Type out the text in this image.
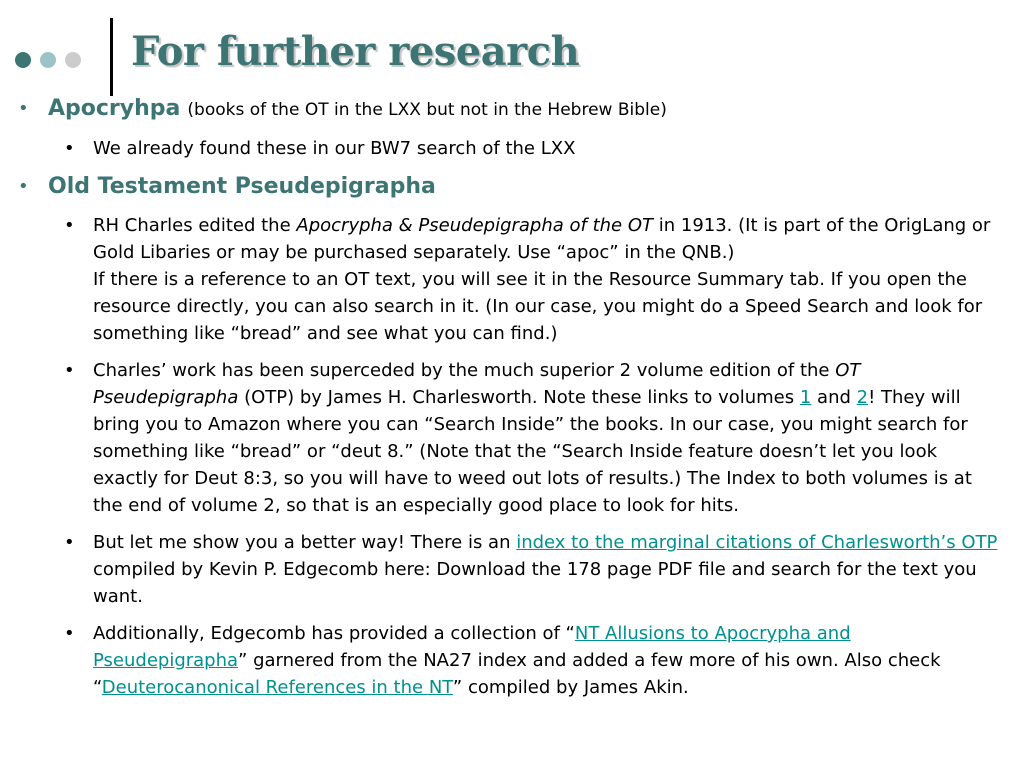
For further research
• Apocryhpa (books of the OT in the LXX but not in the Hebrew Bible)
• We already found these in our BW7 search of the LXX

• Old Testament Pseudepigrapha
• RH Charles edited the Apocrypha & Pseudepigrapha of the OT in 1913. (It is part of the OrigLang or Gold Libaries or may be purchased separately. Use “apoc” in the QNB.)

If there is a reference to an OT text, you will see it in the Resource Summary tab. If you open the resource directly, you can also search in it. (In our case, you might do a Speed Search and look for something like “bread” and see what you can find.)

• Charles’ work has been superceded by the much superior 2 volume edition of the OT Pseudepigrapha (OTP) by James H. Charlesworth. Note these links to volumes 1 and 2! They will bring you to Amazon where you can “Search Inside” the books. In our case, you might search for something like “bread” or “deut 8.” (Note that the “Search Inside feature doesn’t let you look exactly for Deut 8:3, so you will have to weed out lots of results.) The Index to both volumes is at the end of volume 2, so that is an especially good place to look for hits.

• But let me show you a better way! There is an index to the marginal citations of Charlesworth’s OTP compiled by Kevin P. Edgecomb here: Download the 178 page PDF file and search for the text you want.

• Additionally, Edgecomb has provided a collection of “NT Allusions to Apocrypha and Pseudepigrapha” garnered from the NA27 index and added a few more of his own. Also check “Deuterocanonical References in the NT” compiled by James Akin.
